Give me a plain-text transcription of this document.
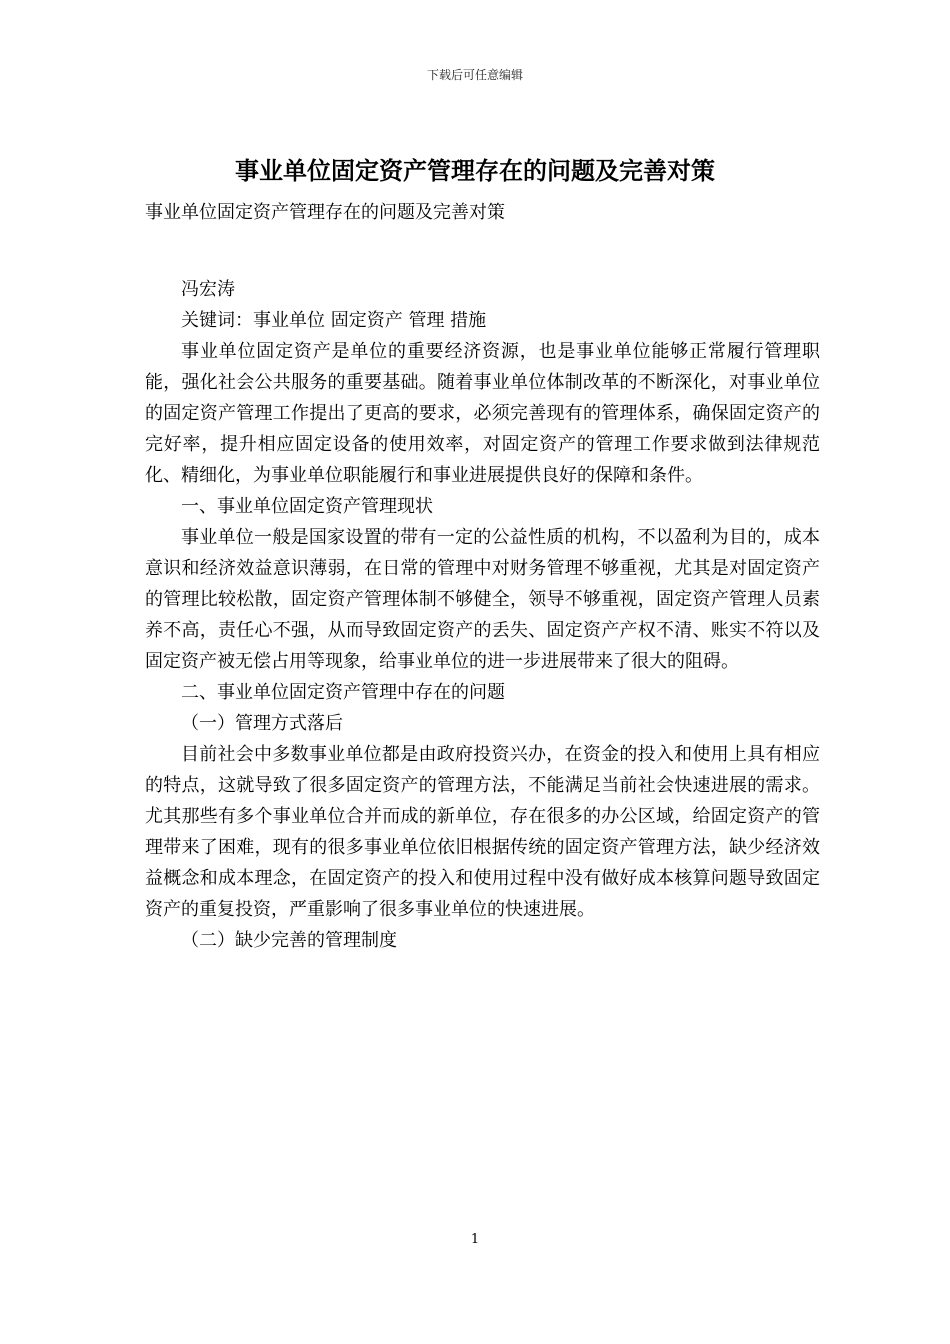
下载后可任意编辑
事业单位固定资产管理存在的问题及完善对策

事业单位固定资产管理存在的问题及完善对策

冯宏涛

关键词：事业单位 固定资产 管理 措施

事业单位固定资产是单位的重要经济资源，也是事业单位能够正常履行管理职能，强化社会公共服务的重要基础。随着事业单位体制改革的不断深化，对事业单位的固定资产管理工作提出了更高的要求，必须完善现有的管理体系，确保固定资产的完好率，提升相应固定设备的使用效率，对固定资产的管理工作要求做到法律规范化、精细化，为事业单位职能履行和事业进展提供良好的保障和条件。

一、事业单位固定资产管理现状

事业单位一般是国家设置的带有一定的公益性质的机构，不以盈利为目的，成本意识和经济效益意识薄弱，在日常的管理中对财务管理不够重视，尤其是对固定资产的管理比较松散，固定资产管理体制不够健全，领导不够重视，固定资产管理人员素养不高，责任心不强，从而导致固定资产的丢失、固定资产产权不清、账实不符以及固定资产被无偿占用等现象，给事业单位的进一步进展带来了很大的阻碍。

二、事业单位固定资产管理中存在的问题

（一）管理方式落后

目前社会中多数事业单位都是由政府投资兴办，在资金的投入和使用上具有相应的特点，这就导致了很多固定资产的管理方法，不能满足当前社会快速进展的需求。尤其那些有多个事业单位合并而成的新单位，存在很多的办公区域，给固定资产的管理带来了困难，现有的很多事业单位依旧根据传统的固定资产管理方法，缺少经济效益概念和成本理念，在固定资产的投入和使用过程中没有做好成本核算问题导致固定资产的重复投资，严重影响了很多事业单位的快速进展。

（二）缺少完善的管理制度

1
